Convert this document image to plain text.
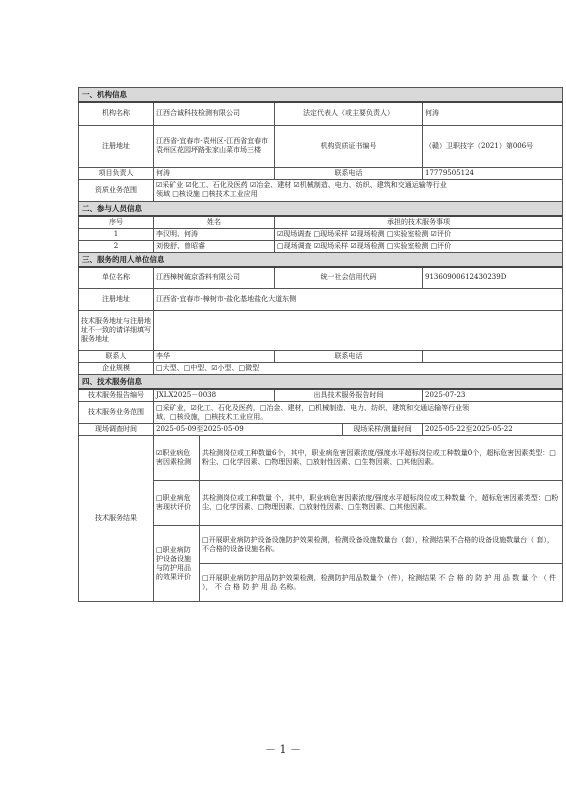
一、机构信息					
机构名称	江西合诚科技检测有限公司		法定代表人（或主要负责人）		何涛
注册地址	江西省-宜春市-袁州区-江西省宜春市袁州区花园坪路张家山菜市场三楼		机构资质证书编号		（赣）卫职技字（2021）第006号
项目负责人	何涛		联系电话		17779505124
资质业务范围	☑采矿业 ☑化工、石化及医药 ☑冶金、建材 ☑机械制造、电力、纺织、建筑和交通运输等行业
领域 □核设施 □核技术工业应用				

二、参与人员信息					
序号	姓名		承担的技术服务事项		
1	李汉明、何涛		☑现场调查 □现场采样 ☑现场检测 □实验室检测 ☑评价		
2	刘俊舒、曾昭睿		□现场调查 ☑现场采样 ☑现场检测 □实验室检测 □评价		
三、服务的用人单位信息					
单位名称	江西樟树破京香料有限公司		统一社会信用代码		91360900612430239D
注册地址	江西省-宜春市-樟树市-盐化基地盐化大道东侧				
技术服务地址与注册地址不一致的请详细填写服务地址					
联系人	李华		联系电话		
企业规模	□大型、□中型、☑小型、□微型				
四、技术服务信息					
技术服务报告编号	JXLX2025－0038		出具技术服务报告时间		2025-07-23
技术服务业务范围	□采矿业，☑化工、石化及医药，□冶金、建材，□机械制造、电力、纺织、建筑和交通运输等行业领
域，□核设施，□核技术工业应用。				

现场调查时间	2025-05-09至2025-05-09			现场采样/测量时间	2025-05-22至2025-05-22
技术服务结果	☑职业病危害因素检测	共检测岗位或工种数量6个，其中，职业病危害因素浓度/强度水平超标岗位或工种数量0个，超标危害因素类型：□粉尘、□化学因素、□物理因素、□放射性因素、□生物因素、□其他因素。			
	□职业病危害现状评价	共检测岗位或工种数量 个，其中，职业病危害因素浓度/强度水平超标岗位或工种数量 个，超标危害因素类型：□粉尘、□化学因素、□物理因素、□放射性因素、□生物因素、□其他因素。			
	□职业病防护设备设施与防护用品的效果评价	□开展职业病防护设备设施防护效果检测，检测设备设施数量台（套），检测结果不合格的设备设施数量台（ 套）， 不合格的设备设施名称。			
		□开展职业病防护用品防护效果检测，检测防护用品数量个（件），检测结果 不 合 格 的 防 护 用 品 数 量 个 （ 件 ）， 不 合 格 防 护 用 品 名称。			
－ 1 －
